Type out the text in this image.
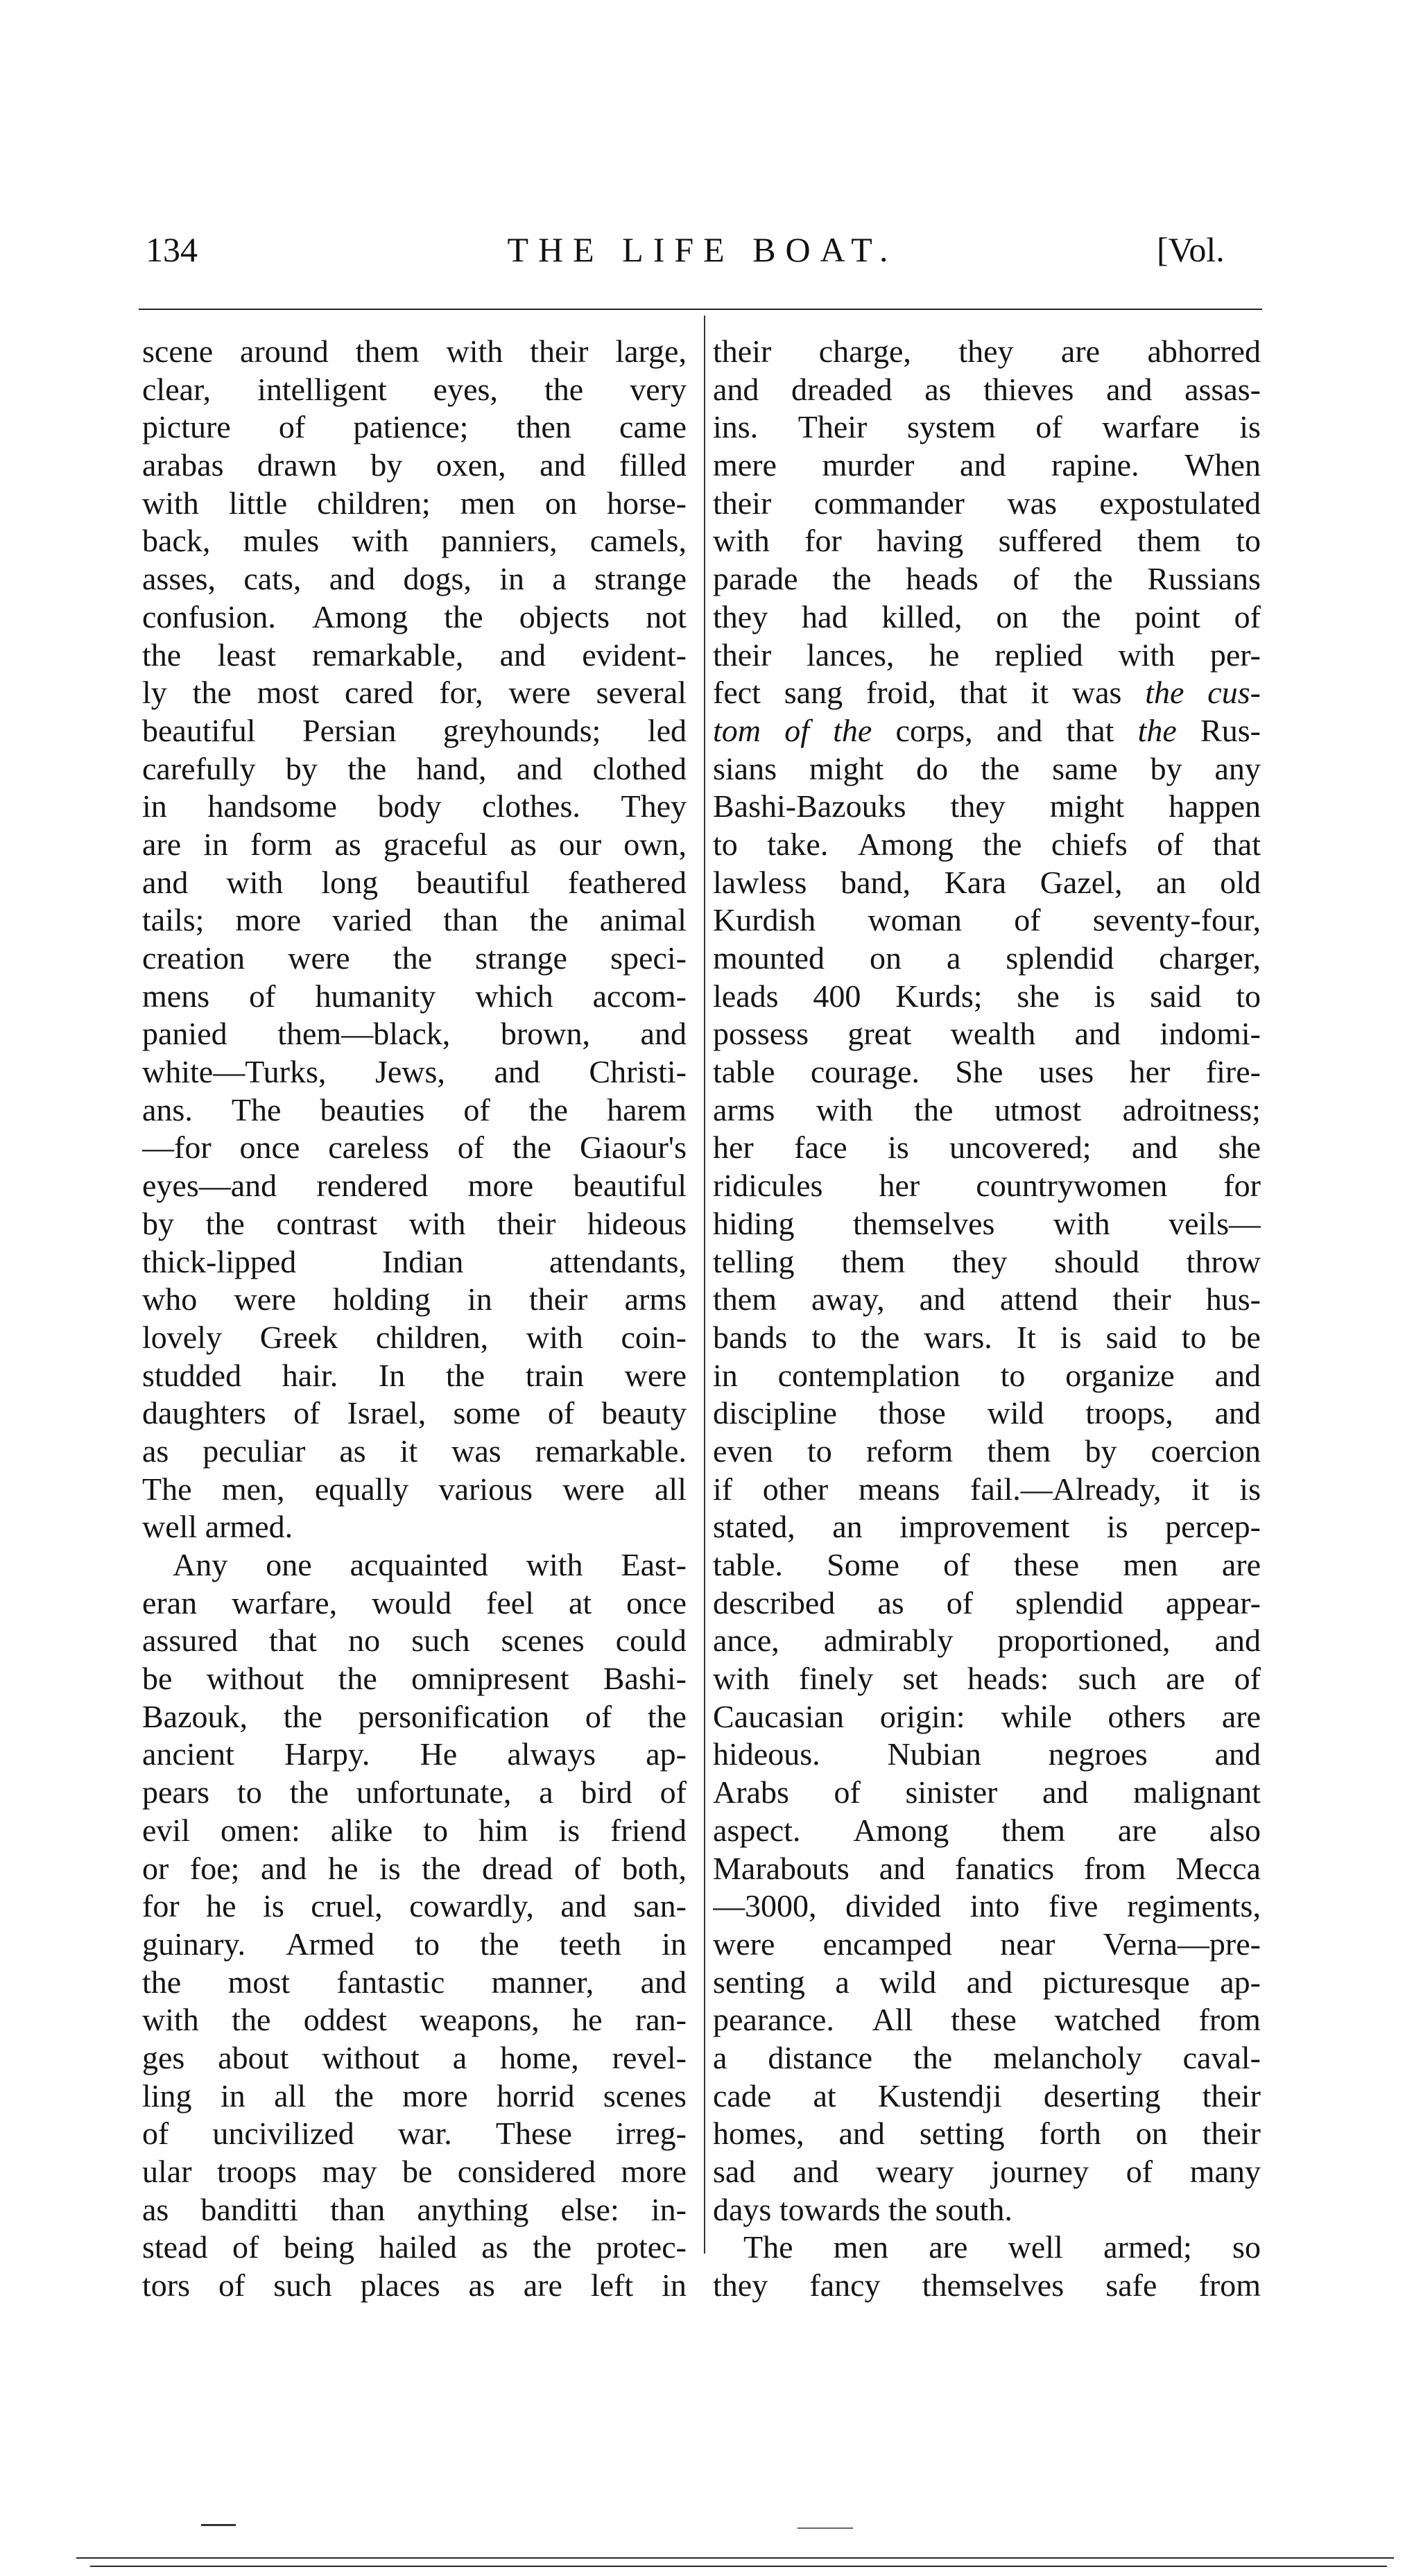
134	THE LIFE BOAT.	[Vol.
scene around them with their large,
clear, intelligent eyes, the very
picture of patience; then came
arabas drawn by oxen, and filled
with little children; men on horse-
back, mules with panniers, camels,
asses, cats, and dogs, in a strange
confusion. Among the objects not
the least remarkable, and evident-
ly the most cared for, were several
beautiful Persian greyhounds; led
carefully by the hand, and clothed
in handsome body clothes. They
are in form as graceful as our own,
and with long beautiful feathered
tails; more varied than the animal
creation were the strange speci-
mens of humanity which accom-
panied them—black, brown, and
white—Turks, Jews, and Christi-
ans. The beauties of the harem
—for once careless of the Giaour's
eyes—and rendered more beautiful
by the contrast with their hideous
thick-lipped	Indian	attendants,
who were holding in their arms
lovely Greek children, with coin-
studded hair. In the train were
daughters of Israel, some of beauty
as peculiar as it was remarkable.
The men, equally various were all
well armed.
Any one acquainted with East-
eran warfare, would feel at once
assured that no such scenes could
be without the omnipresent Bashi-
Bazouk, the personification of the
ancient Harpy. He always ap-
pears to the unfortunate, a bird of
evil omen: alike to him is friend
or foe; and he is the dread of both,
for he is cruel, cowardly, and san-
guinary. Armed to the teeth in
the most fantastic manner, and
with the oddest weapons, he ran-
ges about without a home, revel-
ling in all the more horrid scenes
of uncivilized war. These irreg-
ular troops may be considered more
as banditti than anything else: in-
stead of being hailed as the protec-
tors of such places as are left in
their charge, they are abhorred
and dreaded as thieves and assas-
ins. Their system of warfare is
mere murder and rapine. When
their commander was expostulated
with for having suffered them to
parade the heads of the Russians
they had killed, on the point of
their lances, he replied with per-
fect sang froid, that it was the cus-
tom of the corps, and that the Rus-
sians might do the same by any
Bashi-Bazouks they might happen
to take. Among the chiefs of that
lawless band, Kara Gazel, an old
Kurdish woman of seventy-four,
mounted on a splendid charger,
leads 400 Kurds; she is said to
possess great wealth and indomi-
table courage. She uses her fire-
arms with the utmost adroitness;
her face is uncovered; and she
ridicules her countrywomen for
hiding themselves with veils—
telling them they should throw
them away, and attend their hus-
bands to the wars. It is said to be
in contemplation to organize and
discipline those wild troops, and
even to reform them by coercion
if other means fail.—Already, it is
stated, an improvement is percep-
table. Some of these men are
described as of splendid appear-
ance, admirably proportioned, and
with finely set heads: such are of
Caucasian origin: while others are
hideous. Nubian negroes and
Arabs of sinister and malignant
aspect. Among them are also
Marabouts and fanatics from Mecca
—3000, divided into five regiments,
were encamped near Verna—pre-
senting a wild and picturesque ap-
pearance. All these watched from
a distance the melancholy caval-
cade at Kustendji deserting their
homes, and setting forth on their
sad and weary journey of many
days towards the south.
The men are well armed; so
they fancy themselves safe from
